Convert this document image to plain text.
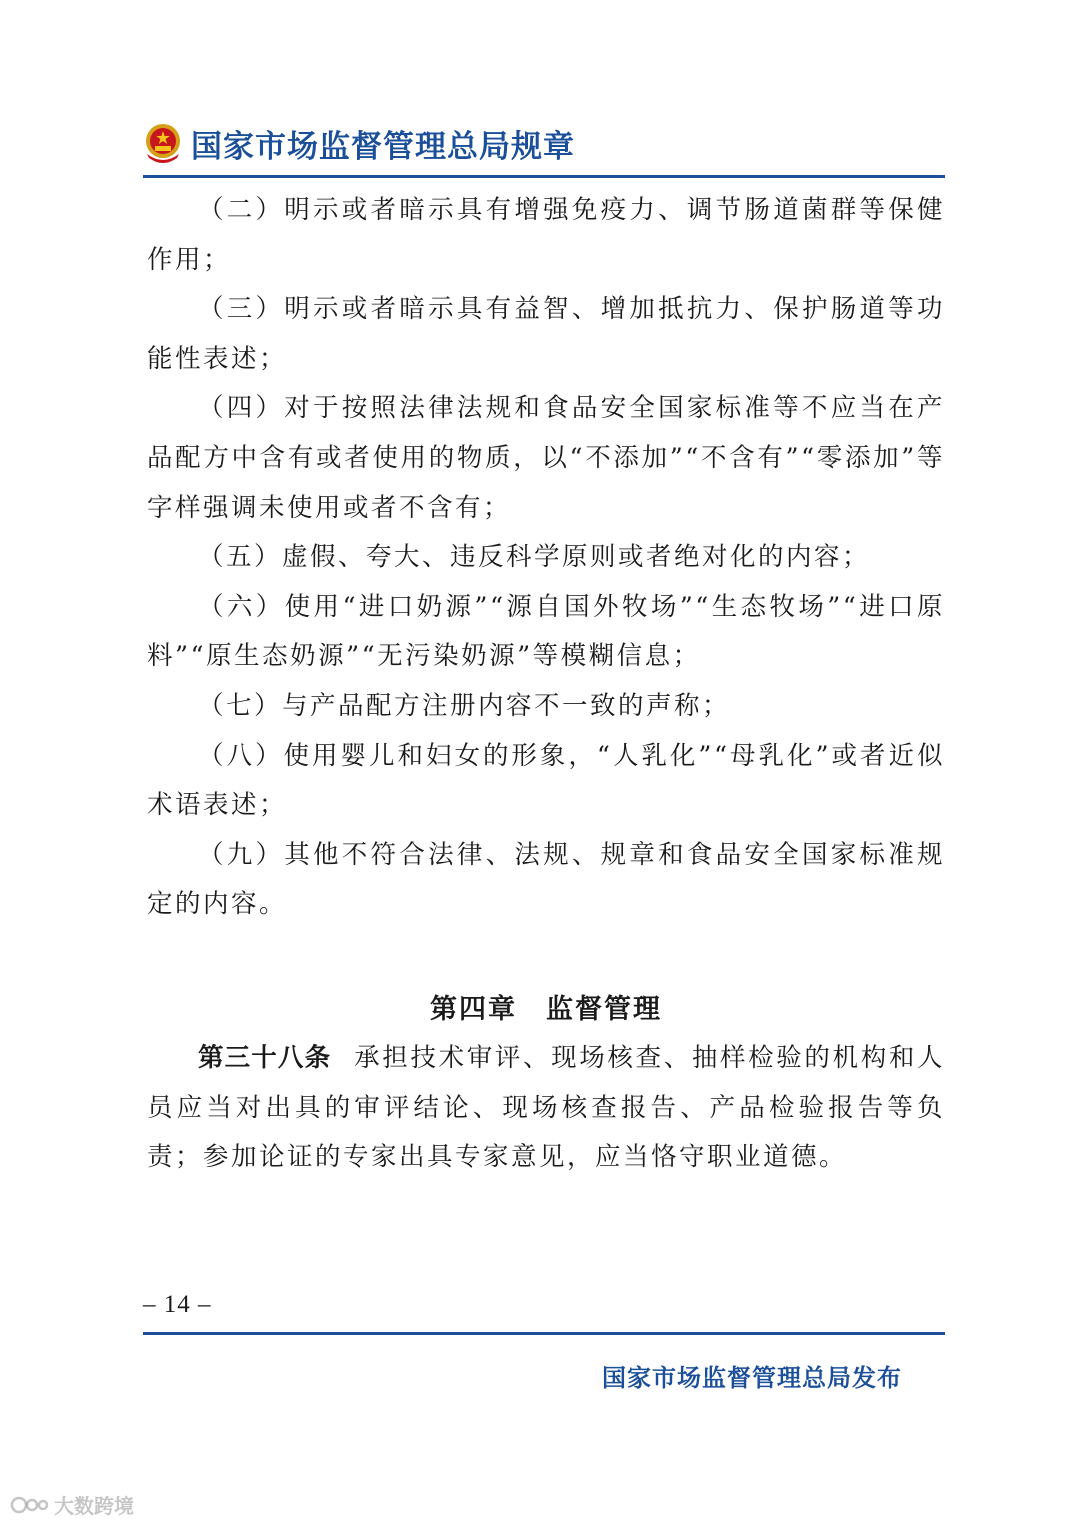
国家市场监督管理总局规章

（二）明示或者暗示具有增强免疫力、调节肠道菌群等保健作用；

（三）明示或者暗示具有益智、增加抵抗力、保护肠道等功能性表述；

（四）对于按照法律法规和食品安全国家标准等不应当在产品配方中含有或者使用的物质，以“不添加”“不含有”“零添加”等字样强调未使用或者不含有；

（五）虚假、夸大、违反科学原则或者绝对化的内容；

（六）使用“进口奶源”“源自国外牧场”“生态牧场”“进口原料”“原生态奶源”“无污染奶源”等模糊信息；

（七）与产品配方注册内容不一致的声称；

（八）使用婴儿和妇女的形象，“人乳化”“母乳化”或者近似术语表述；

（九）其他不符合法律、法规、规章和食品安全国家标准规定的内容。

第四章　监督管理

第三十八条 承担技术审评、现场核查、抽样检验的机构和人员应当对出具的审评结论、现场核查报告、产品检验报告等负责；参加论证的专家出具专家意见，应当恪守职业道德。

– 14 –
国家市场监督管理总局发布
大数跨境
